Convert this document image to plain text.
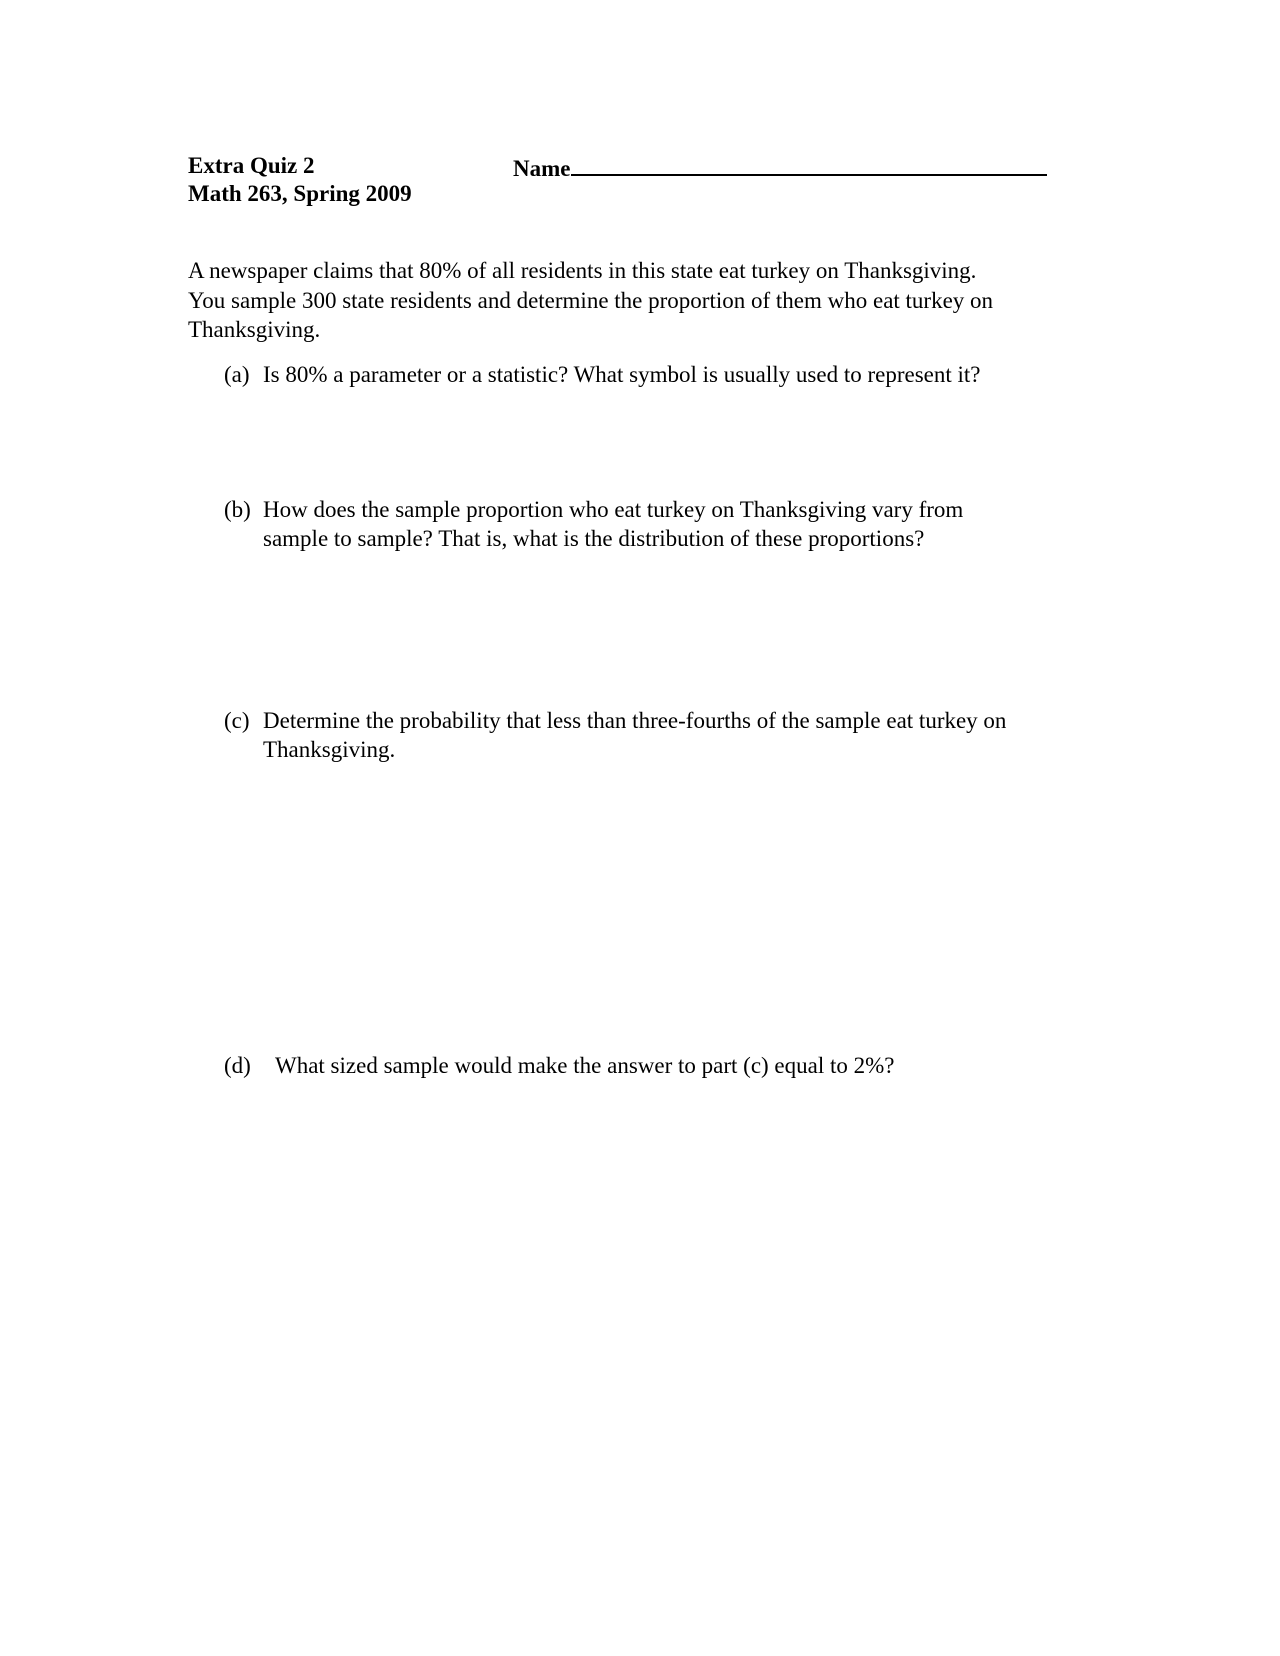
Extra Quiz 2
Math 263, Spring 2009
Name
A newspaper claims that 80% of all residents in this state eat turkey on Thanksgiving.
You sample 300 state residents and determine the proportion of them who eat turkey on
Thanksgiving.
(a) Is 80% a parameter or a statistic? What symbol is usually used to represent it?
(b) How does the sample proportion who eat turkey on Thanksgiving vary from
sample to sample? That is, what is the distribution of these proportions?
(c) Determine the probability that less than three-fourths of the sample eat turkey on
Thanksgiving.
(d) What sized sample would make the answer to part (c) equal to 2%?
